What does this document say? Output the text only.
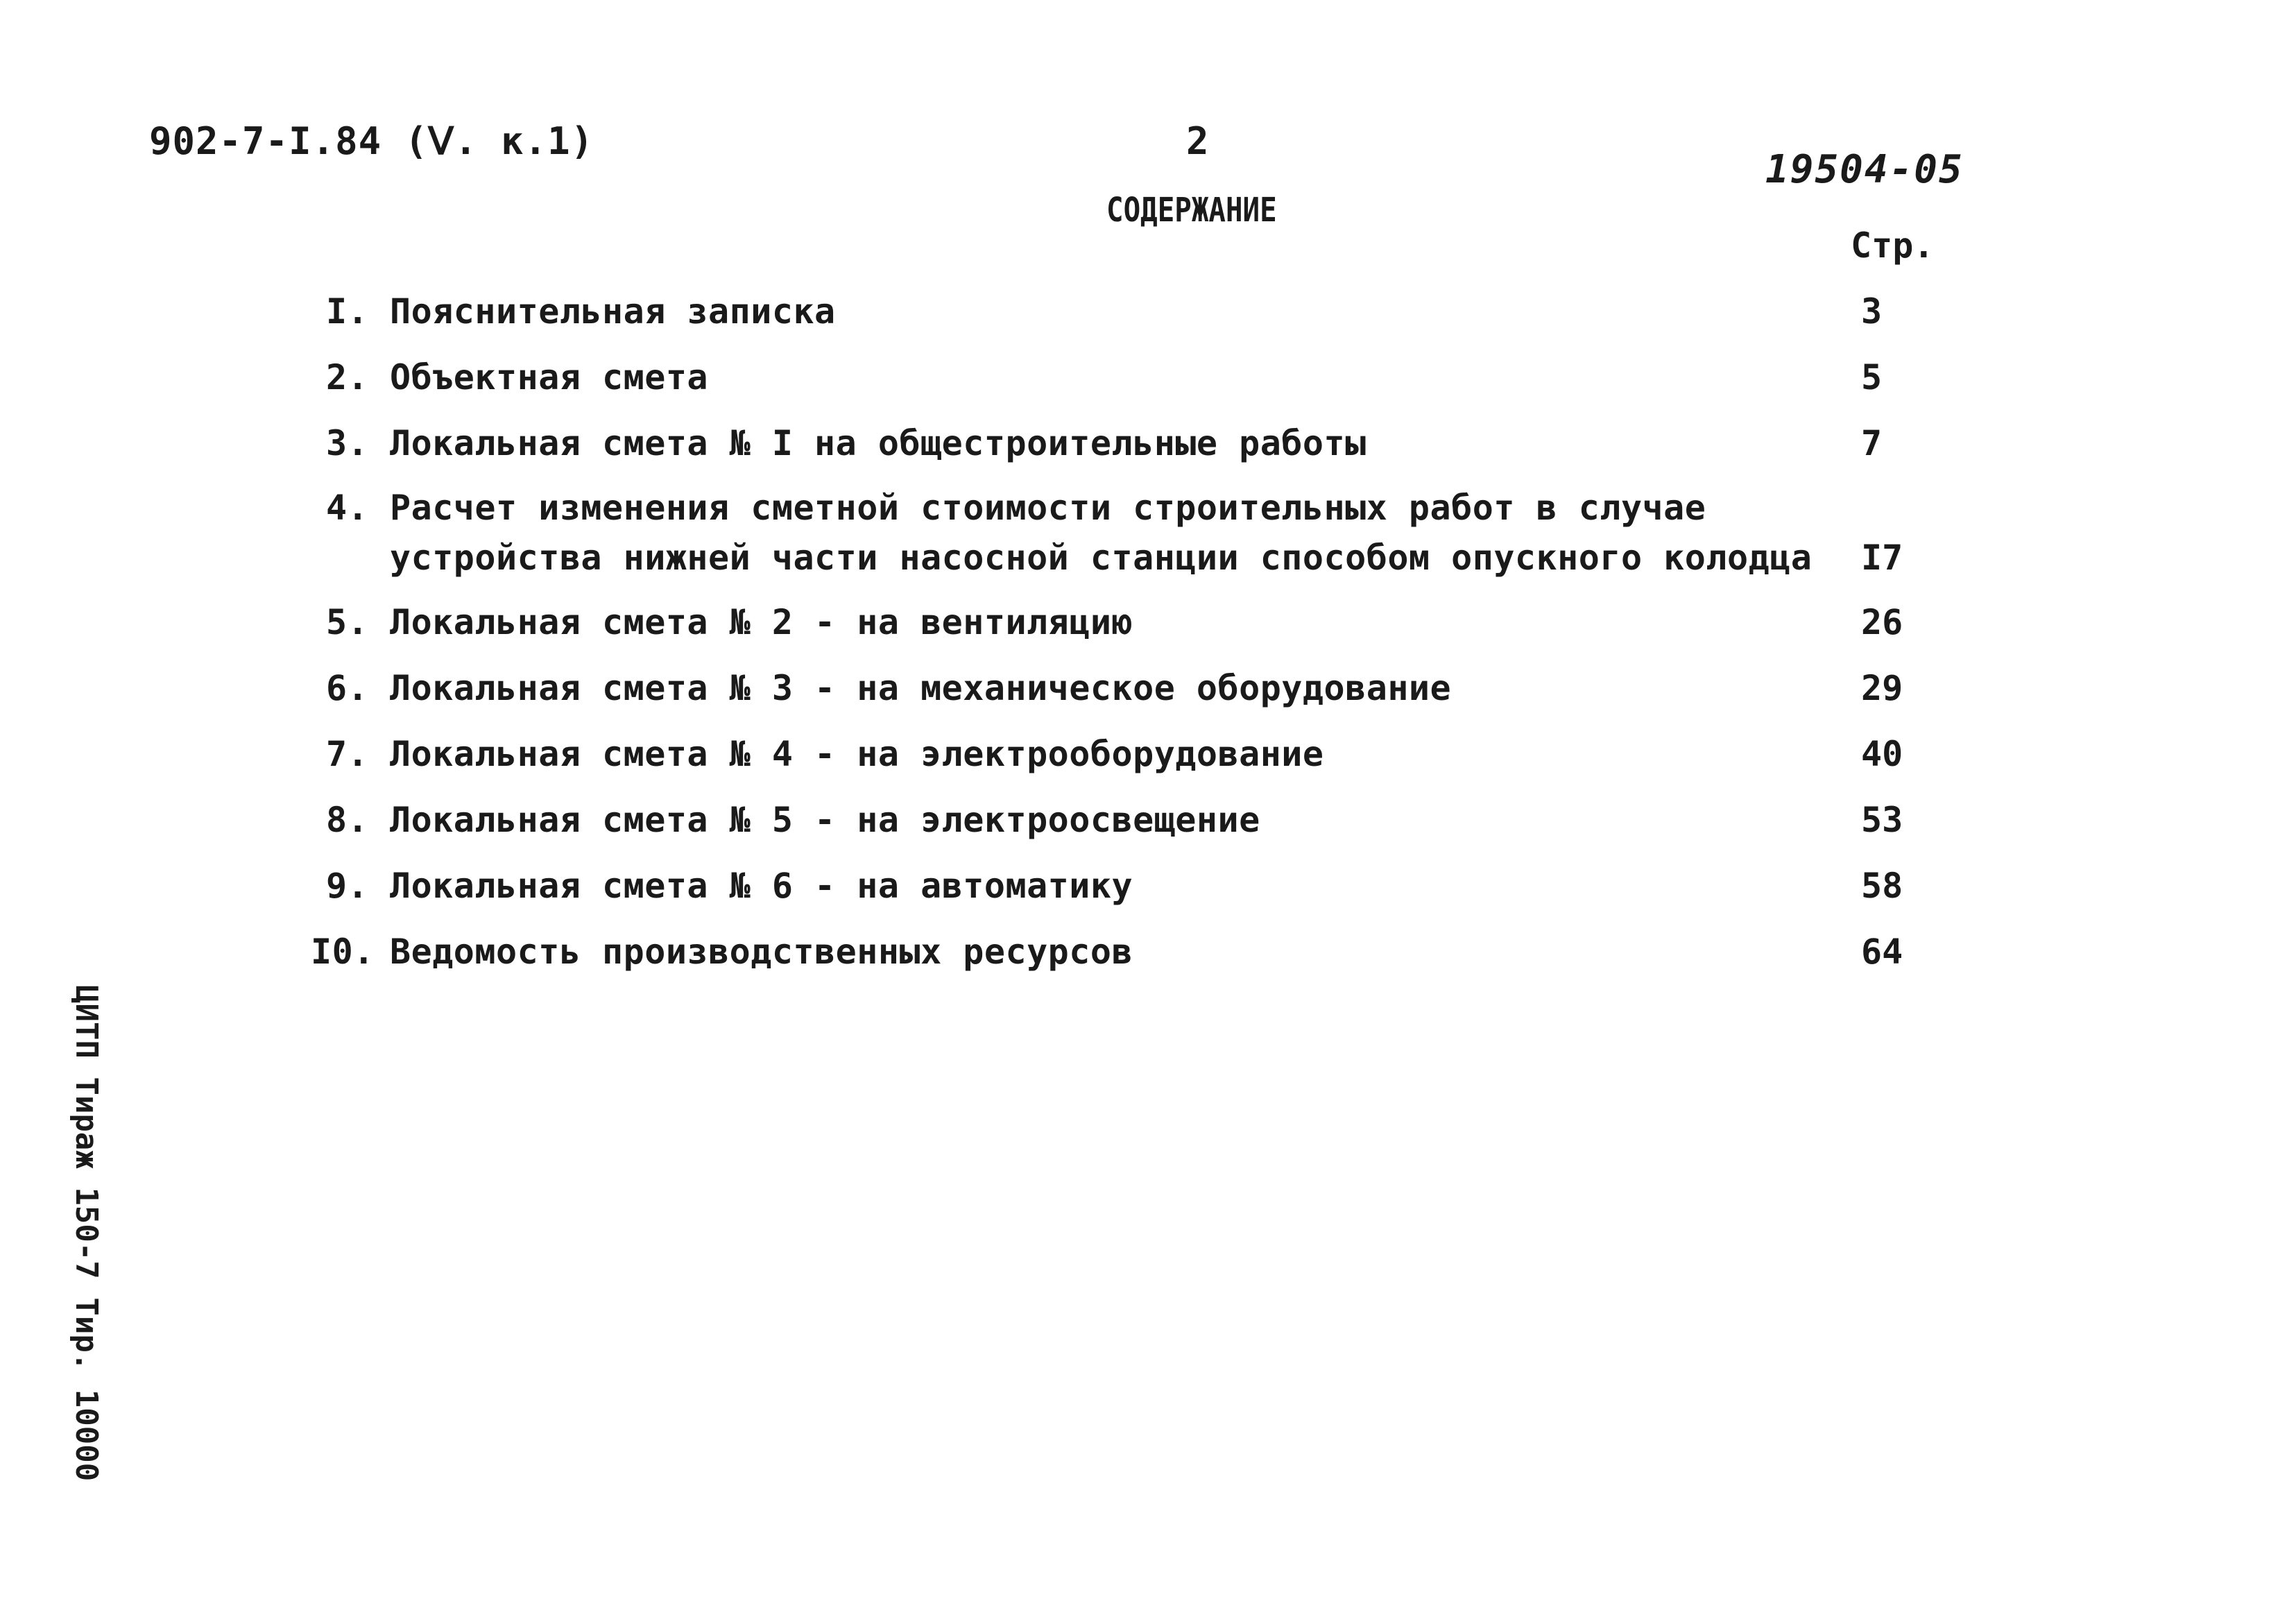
902-7-I.84 (Ⅴ. к.1)	2
19504-05
СОДЕРЖАНИЕ
Стр.
I. Пояснительная записка	3
2. Объектная смета	5
3. Локальная смета № I на общестроительные работы	7
4. Расчет изменения сметной стоимости строительных работ в случае
устройства нижней части насосной станции способом опускного колодца I7
5. Локальная смета № 2 - на вентиляцию	26
6. Локальная смета № 3 - на механическое оборудование	29
7. Локальная смета № 4 - на электрооборудование	40
8. Локальная смета № 5 - на электроосвещение	53
9. Локальная смета № 6 - на автоматику	58
I0. Ведомость производственных ресурсов	64
ЦИТП Тираж 150-7 Тир. 10000
